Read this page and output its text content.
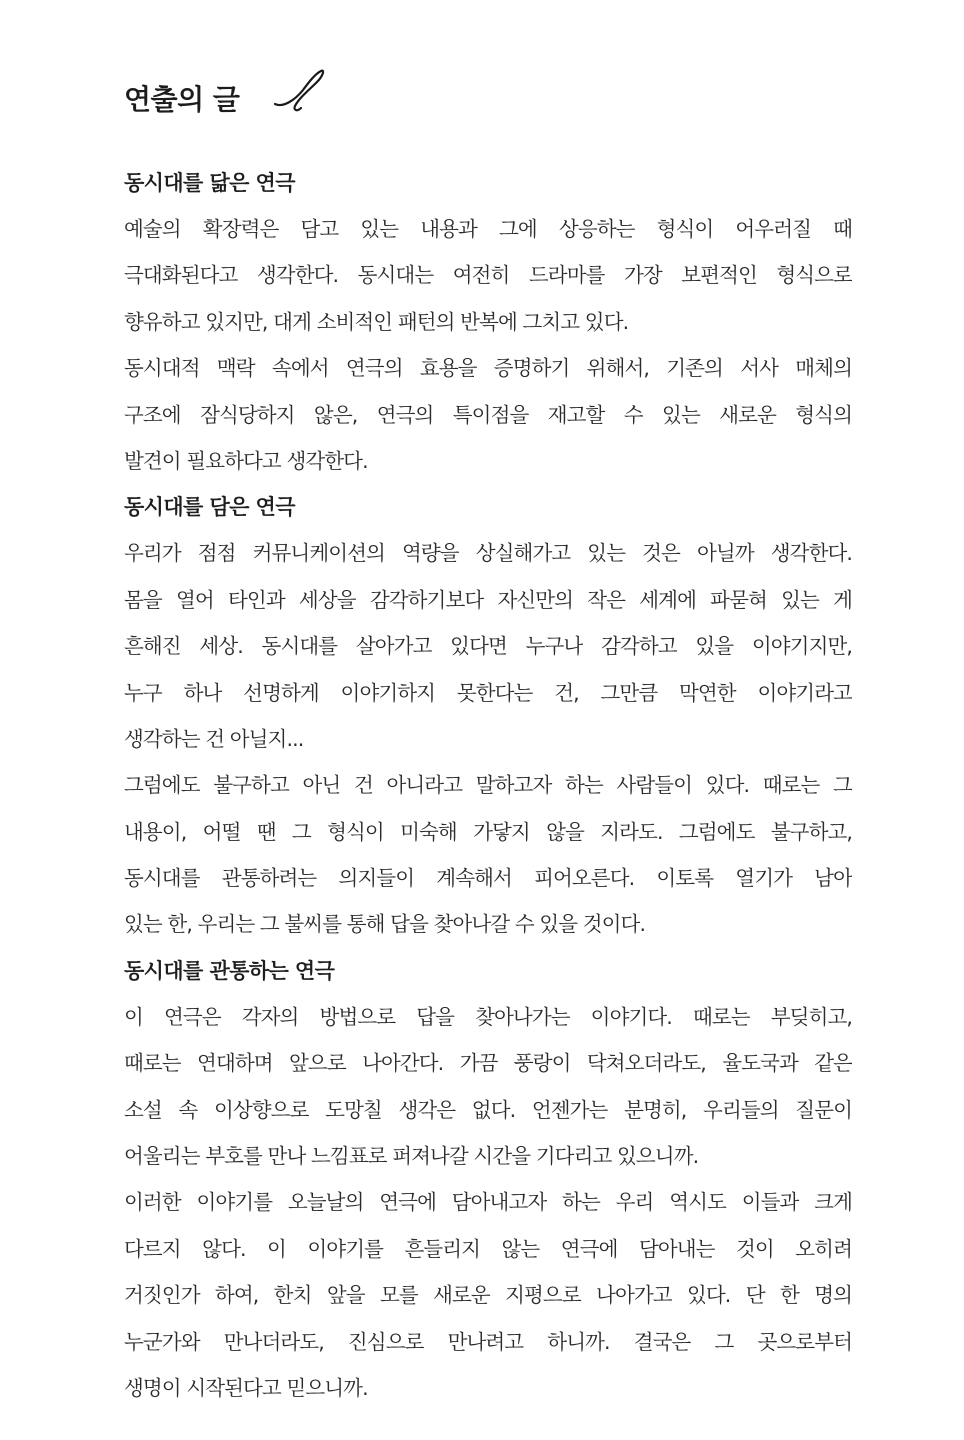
연출의 글
동시대를 닮은 연극

예술의 확장력은 담고 있는 내용과 그에 상응하는 형식이 어우러질 때
극대화된다고 생각한다. 동시대는 여전히 드라마를 가장 보편적인 형식으로
향유하고 있지만, 대게 소비적인 패턴의 반복에 그치고 있다.

동시대적 맥락 속에서 연극의 효용을 증명하기 위해서, 기존의 서사 매체의
구조에 잠식당하지 않은, 연극의 특이점을 재고할 수 있는 새로운 형식의
발견이 필요하다고 생각한다.

동시대를 담은 연극

우리가 점점 커뮤니케이션의 역량을 상실해가고 있는 것은 아닐까 생각한다.
몸을 열어 타인과 세상을 감각하기보다 자신만의 작은 세계에 파묻혀 있는 게
흔해진 세상. 동시대를 살아가고 있다면 누구나 감각하고 있을 이야기지만,
누구 하나 선명하게 이야기하지 못한다는 건, 그만큼 막연한 이야기라고
생각하는 건 아닐지...

그럼에도 불구하고 아닌 건 아니라고 말하고자 하는 사람들이 있다. 때로는 그
내용이, 어떨 땐 그 형식이 미숙해 가닿지 않을 지라도. 그럼에도 불구하고,
동시대를 관통하려는 의지들이 계속해서 피어오른다. 이토록 열기가 남아
있는 한, 우리는 그 불씨를 통해 답을 찾아나갈 수 있을 것이다.

동시대를 관통하는 연극

이 연극은 각자의 방법으로 답을 찾아나가는 이야기다. 때로는 부딪히고,
때로는 연대하며 앞으로 나아간다. 가끔 풍랑이 닥쳐오더라도, 율도국과 같은
소설 속 이상향으로 도망칠 생각은 없다. 언젠가는 분명히, 우리들의 질문이
어울리는 부호를 만나 느낌표로 퍼져나갈 시간을 기다리고 있으니까.

이러한 이야기를 오늘날의 연극에 담아내고자 하는 우리 역시도 이들과 크게
다르지 않다. 이 이야기를 흔들리지 않는 연극에 담아내는 것이 오히려
거짓인가 하여, 한치 앞을 모를 새로운 지평으로 나아가고 있다. 단 한 명의
누군가와 만나더라도, 진심으로 만나려고 하니까. 결국은 그 곳으로부터
생명이 시작된다고 믿으니까.
